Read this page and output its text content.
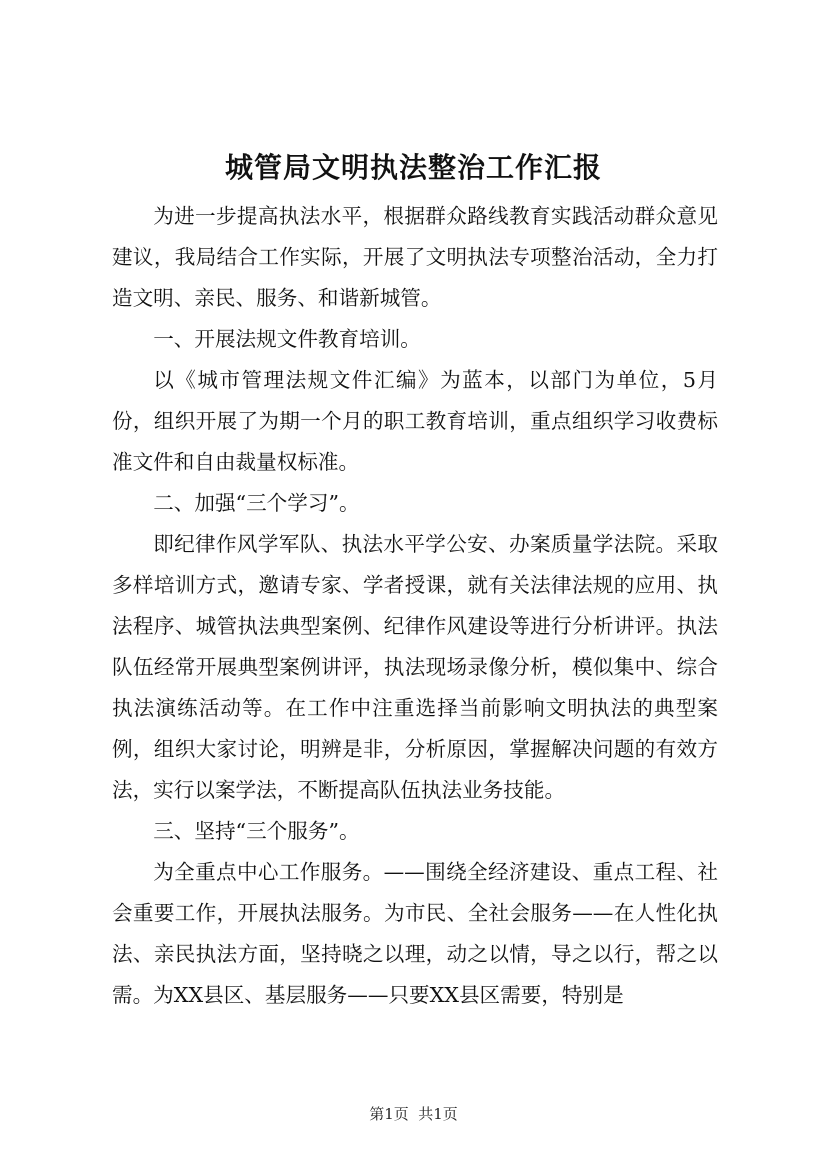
城管局文明执法整治工作汇报

为进一步提高执法水平，根据群众路线教育实践活动群众意见建议，我局结合工作实际，开展了文明执法专项整治活动，全力打造文明、亲民、服务、和谐新城管。

一、开展法规文件教育培训。

以《城市管理法规文件汇编》为蓝本，以部门为单位，5月份，组织开展了为期一个月的职工教育培训，重点组织学习收费标准文件和自由裁量权标准。

二、加强“三个学习”。

即纪律作风学军队、执法水平学公安、办案质量学法院。采取多样培训方式，邀请专家、学者授课，就有关法律法规的应用、执法程序、城管执法典型案例、纪律作风建设等进行分析讲评。执法队伍经常开展典型案例讲评，执法现场录像分析，模似集中、综合执法演练活动等。在工作中注重选择当前影响文明执法的典型案例，组织大家讨论，明辨是非，分析原因，掌握解决问题的有效方法，实行以案学法，不断提高队伍执法业务技能。

三、坚持“三个服务”。

为全重点中心工作服务。——围绕全经济建设、重点工程、社会重要工作，开展执法服务。为市民、全社会服务——在人性化执法、亲民执法方面，坚持晓之以理，动之以情，导之以行，帮之以需。为XX县区、基层服务——只要XX县区需要，特别是

第1页  共1页
